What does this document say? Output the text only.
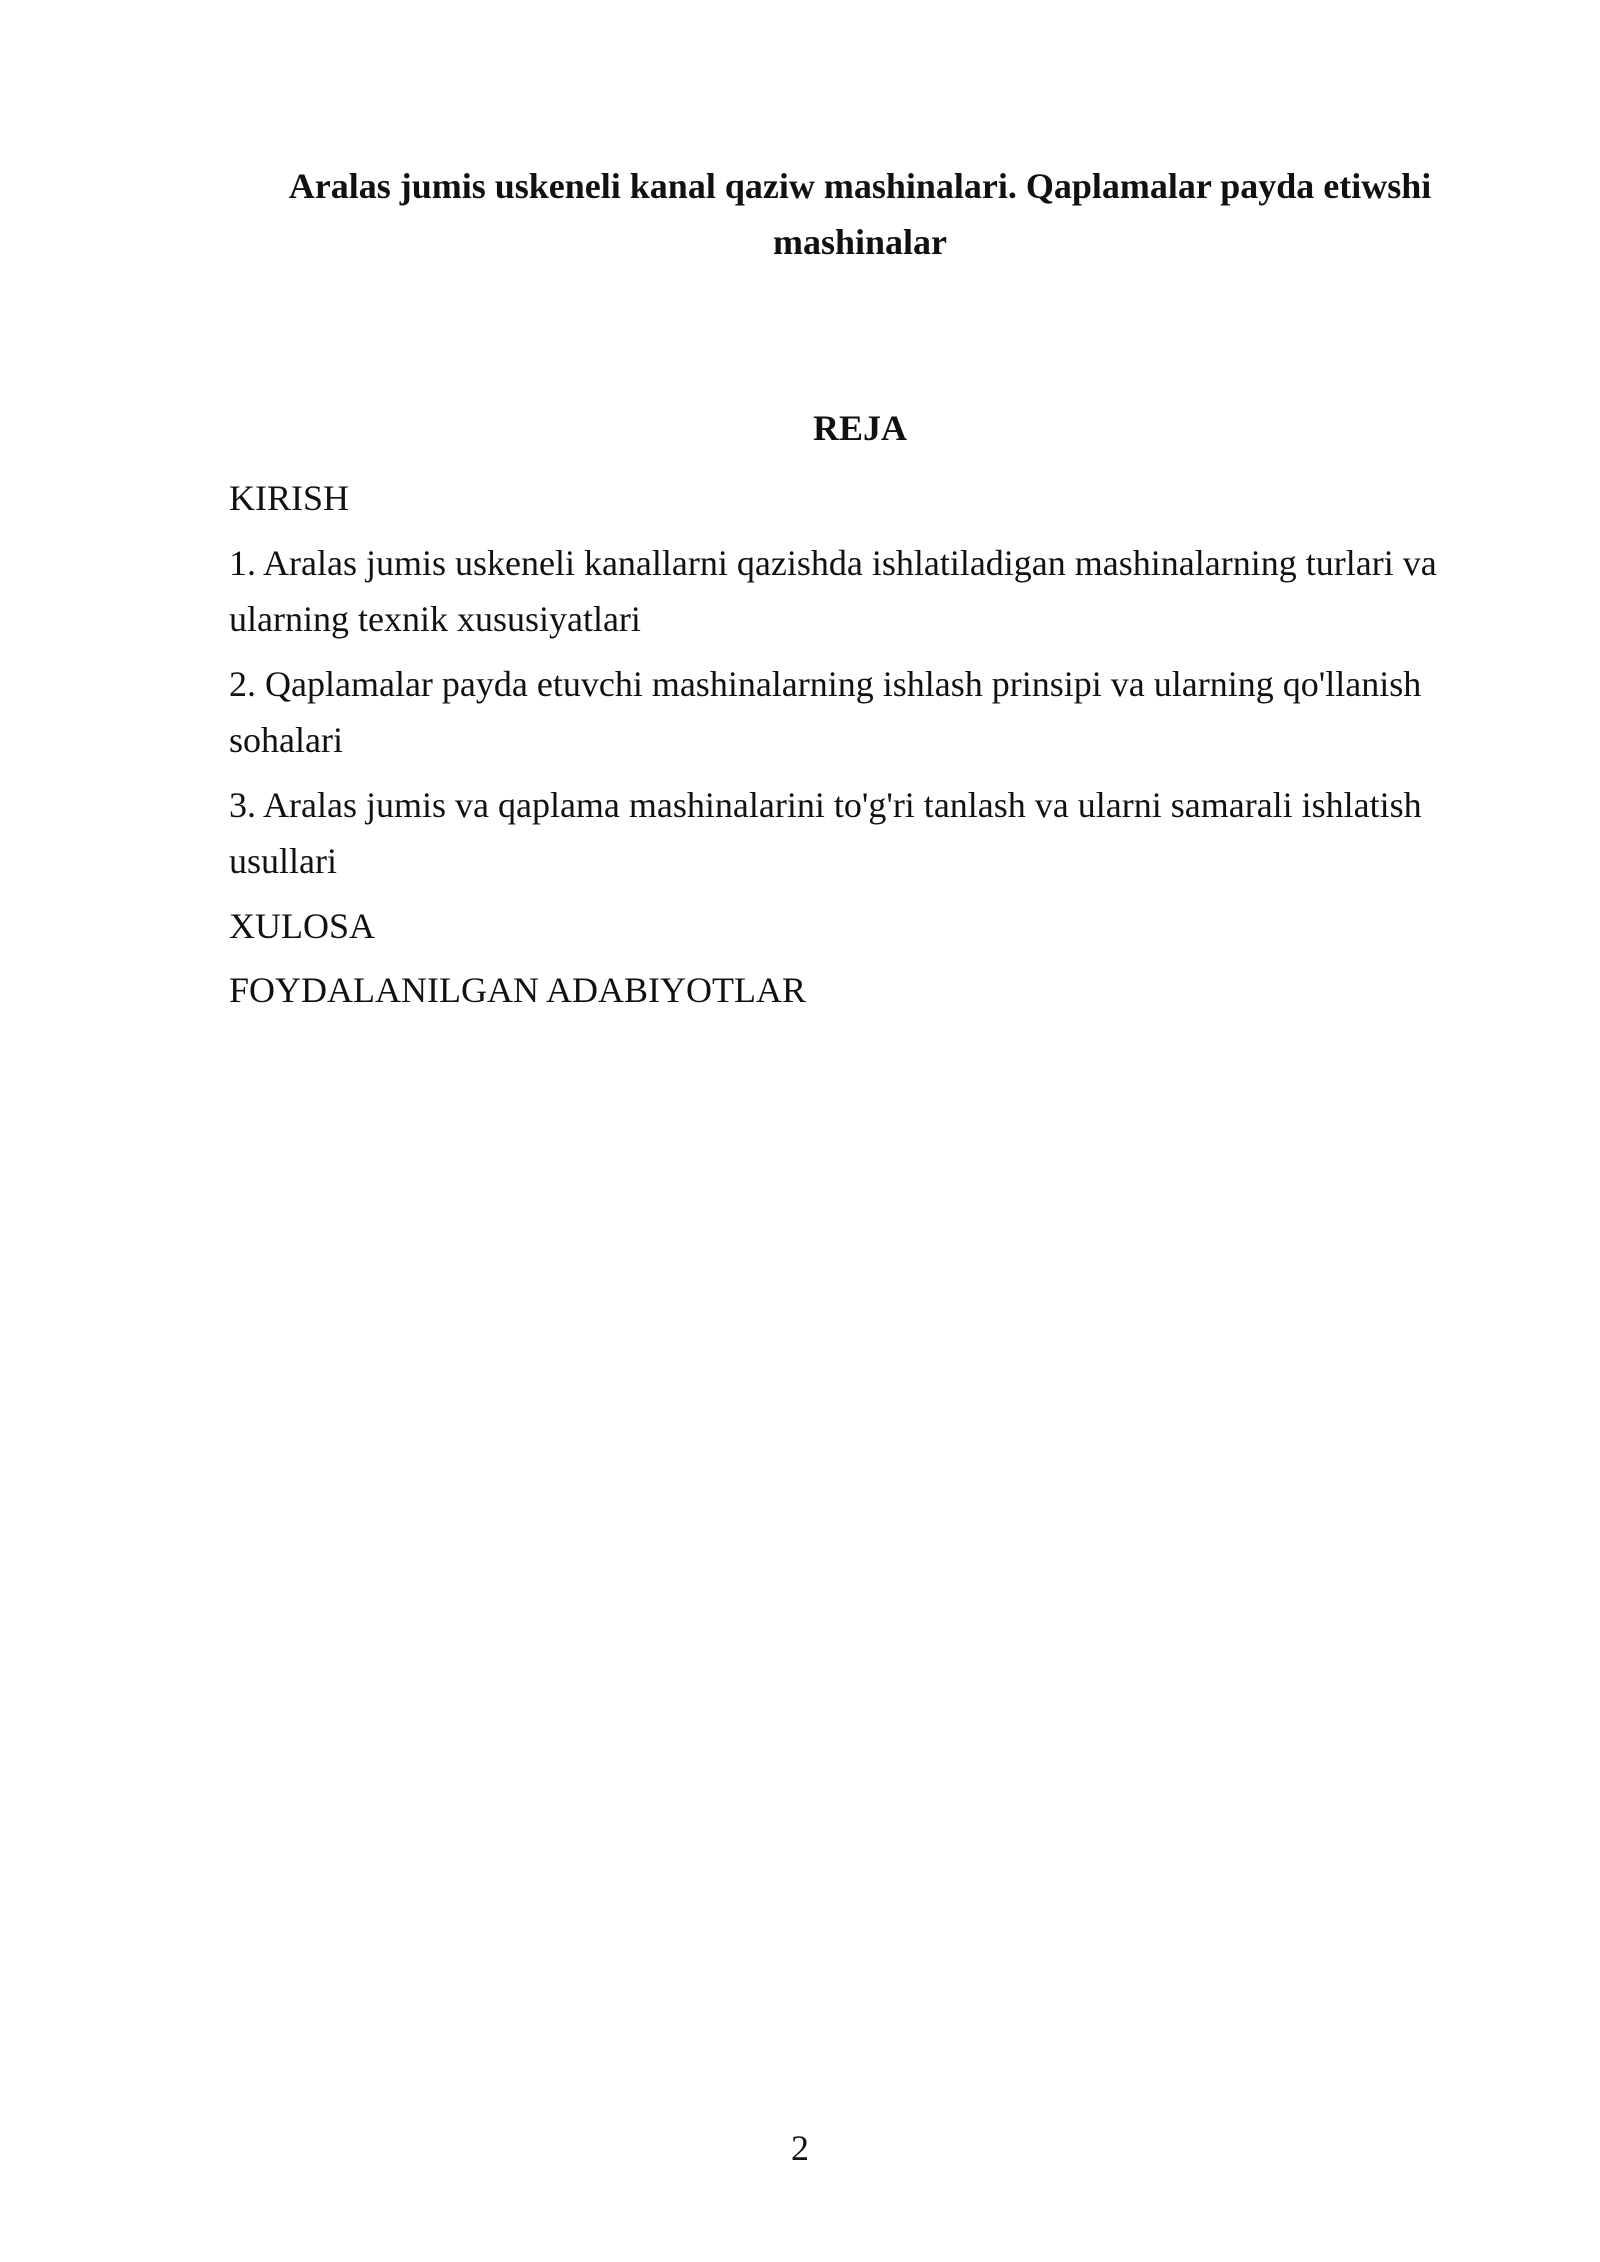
Aralas jumis uskeneli kanal qaziw mashinalari. Qaplamalar payda etiwshi mashinalar
REJA
KIRISH
1. Aralas jumis uskeneli kanallarni qazishda ishlatiladigan mashinalarning turlari va ularning texnik xususiyatlari
2. Qaplamalar payda etuvchi mashinalarning ishlash prinsipi va ularning qo'llanish sohalari
3. Aralas jumis va qaplama mashinalarini to'g'ri tanlash va ularni samarali ishlatish usullari
XULOSA
FOYDALANILGAN ADABIYOTLAR
2
